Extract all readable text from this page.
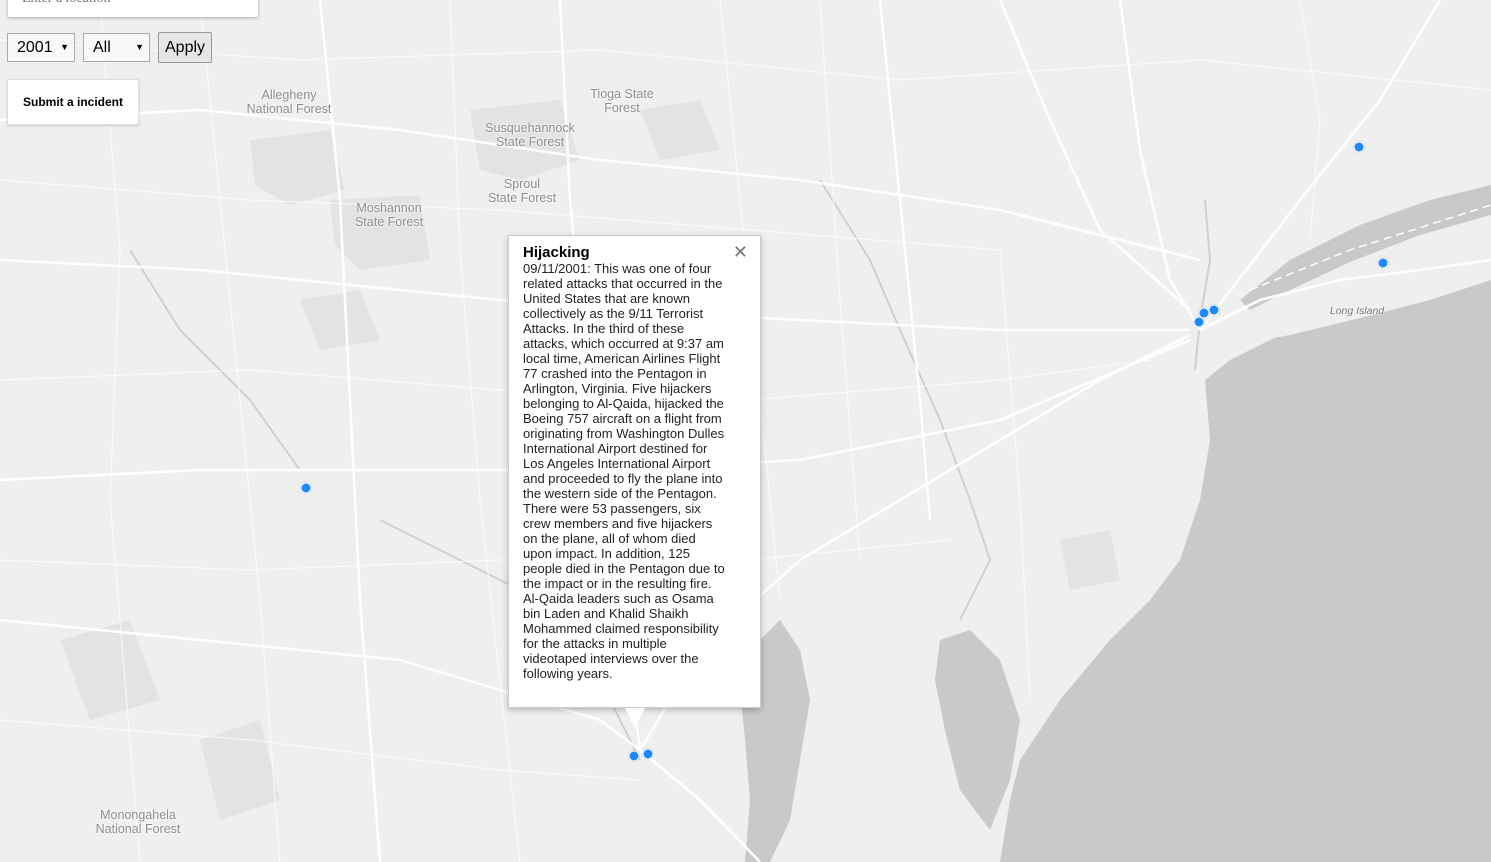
Allegheny
National Forest
Tioga State
Forest
Susquehannock
State Forest
Sproul
State Forest
Moshannon
State Forest
Monongahela
National Forest
Long Island
Enter a location
2001 ▼ All	▼	Apply
Submit a incident
Hijacking	✕
09/11/2001: This was one of four related attacks that occurred in the United States that are known collectively as the 9/11 Terrorist Attacks. In the third of these attacks, which occurred at 9:37 am local time, American Airlines Flight 77 crashed into the Pentagon in Arlington, Virginia. Five hijackers belonging to Al-Qaida, hijacked the Boeing 757 aircraft on a flight from originating from Washington Dulles International Airport destined for Los Angeles International Airport and proceeded to fly the plane into the western side of the Pentagon. There were 53 passengers, six crew members and five hijackers on the plane, all of whom died upon impact. In addition, 125 people died in the Pentagon due to the impact or in the resulting fire. Al-Qaida leaders such as Osama bin Laden and Khalid Shaikh Mohammed claimed responsibility for the attacks in multiple videotaped interviews over the following years.
